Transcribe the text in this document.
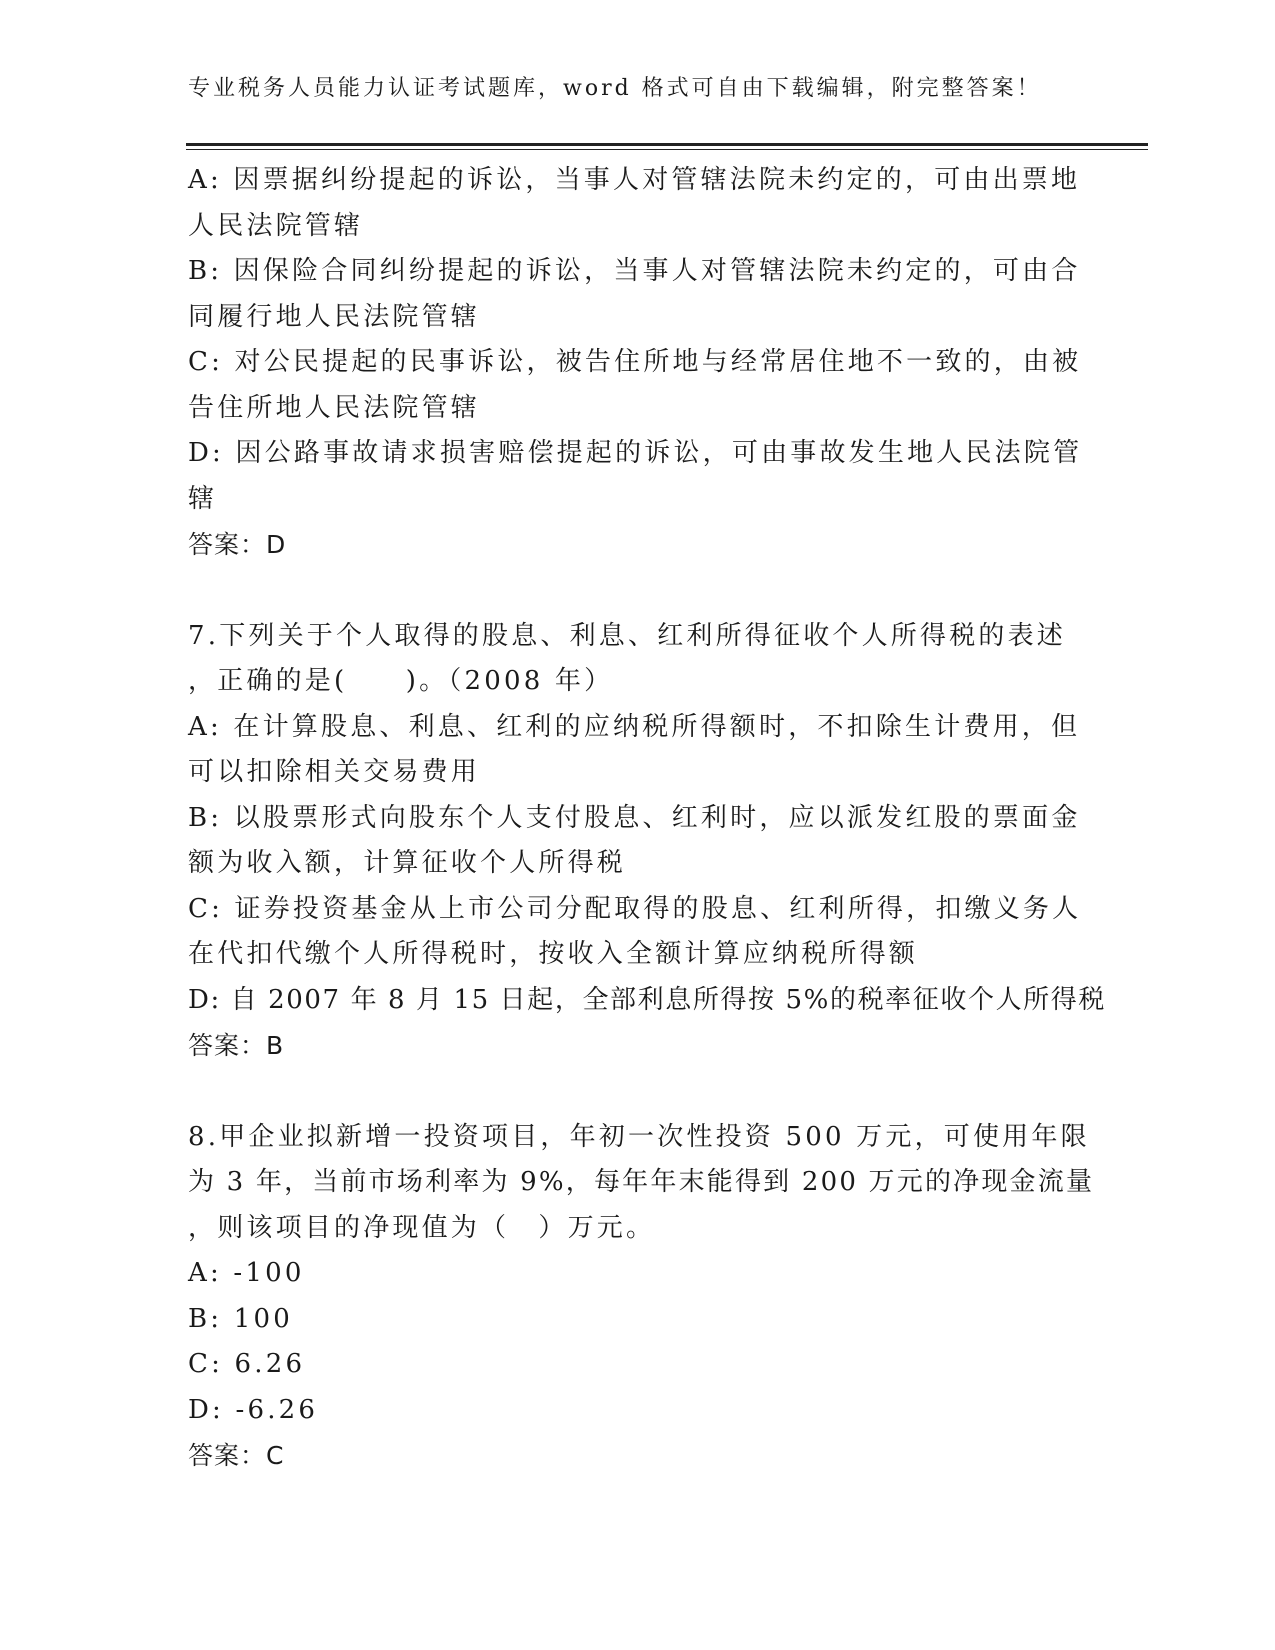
专业税务人员能力认证考试题库，word 格式可自由下载编辑，附完整答案！
A: 因票据纠纷提起的诉讼，当事人对管辖法院未约定的，可由出票地
人民法院管辖
B: 因保险合同纠纷提起的诉讼，当事人对管辖法院未约定的，可由合
同履行地人民法院管辖
C: 对公民提起的民事诉讼，被告住所地与经常居住地不一致的，由被
告住所地人民法院管辖
D: 因公路事故请求损害赔偿提起的诉讼，可由事故发生地人民法院管
辖
答案：D
7.下列关于个人取得的股息、利息、红利所得征收个人所得税的表述
，正确的是(　　)。（2008 年）
A: 在计算股息、利息、红利的应纳税所得额时，不扣除生计费用，但
可以扣除相关交易费用
B: 以股票形式向股东个人支付股息、红利时，应以派发红股的票面金
额为收入额，计算征收个人所得税
C: 证券投资基金从上市公司分配取得的股息、红利所得，扣缴义务人
在代扣代缴个人所得税时，按收入全额计算应纳税所得额
D: 自 2007 年 8 月 15 日起，全部利息所得按 5%的税率征收个人所得税
答案：B
8.甲企业拟新增一投资项目，年初一次性投资 500 万元，可使用年限
为 3 年，当前市场利率为 9%，每年年末能得到 200 万元的净现金流量
，则该项目的净现值为（　）万元。
A: -100
B: 100
C: 6.26
D: -6.26
答案：C
